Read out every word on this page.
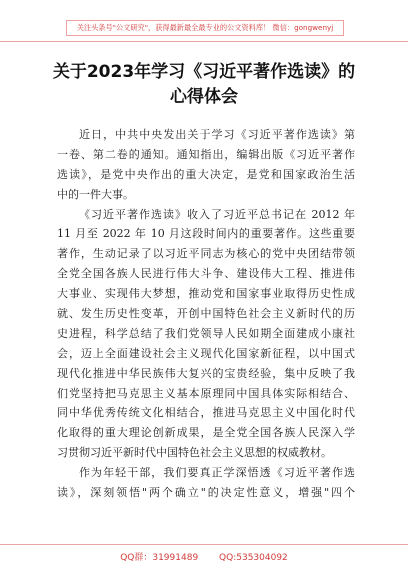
关注头条号"公文研究"，获得最新最全最专业的公文资料库！ 微信：gongwenyj
关于2023年学习《习近平著作选读》的
心得体会
近日，中共中央发出关于学习《习近平著作选读》第
一卷、第二卷的通知。通知指出，编辑出版《习近平著作
选读》，是党中央作出的重大决定，是党和国家政治生活
中的一件大事。
《习近平著作选读》收入了习近平总书记在 2012 年
11 月至 2022 年 10 月这段时间内的重要著作。这些重要
著作，生动记录了以习近平同志为核心的党中央团结带领
全党全国各族人民进行伟大斗争、建设伟大工程、推进伟
大事业、实现伟大梦想，推动党和国家事业取得历史性成
就、发生历史性变革，开创中国特色社会主义新时代的历
史进程，科学总结了我们党领导人民如期全面建成小康社
会，迈上全面建设社会主义现代化国家新征程，以中国式
现代化推进中华民族伟大复兴的宝贵经验，集中反映了我
们党坚持把马克思主义基本原理同中国具体实际相结合、
同中华优秀传统文化相结合，推进马克思主义中国化时代
化取得的重大理论创新成果，是全党全国各族人民深入学
习贯彻习近平新时代中国特色社会主义思想的权威教材。
作为年轻干部，我们要真正学深悟透《习近平著作选
读》，深刻领悟"两个确立"的决定性意义，增强"四个
QQ群：31991489 QQ:535304092
